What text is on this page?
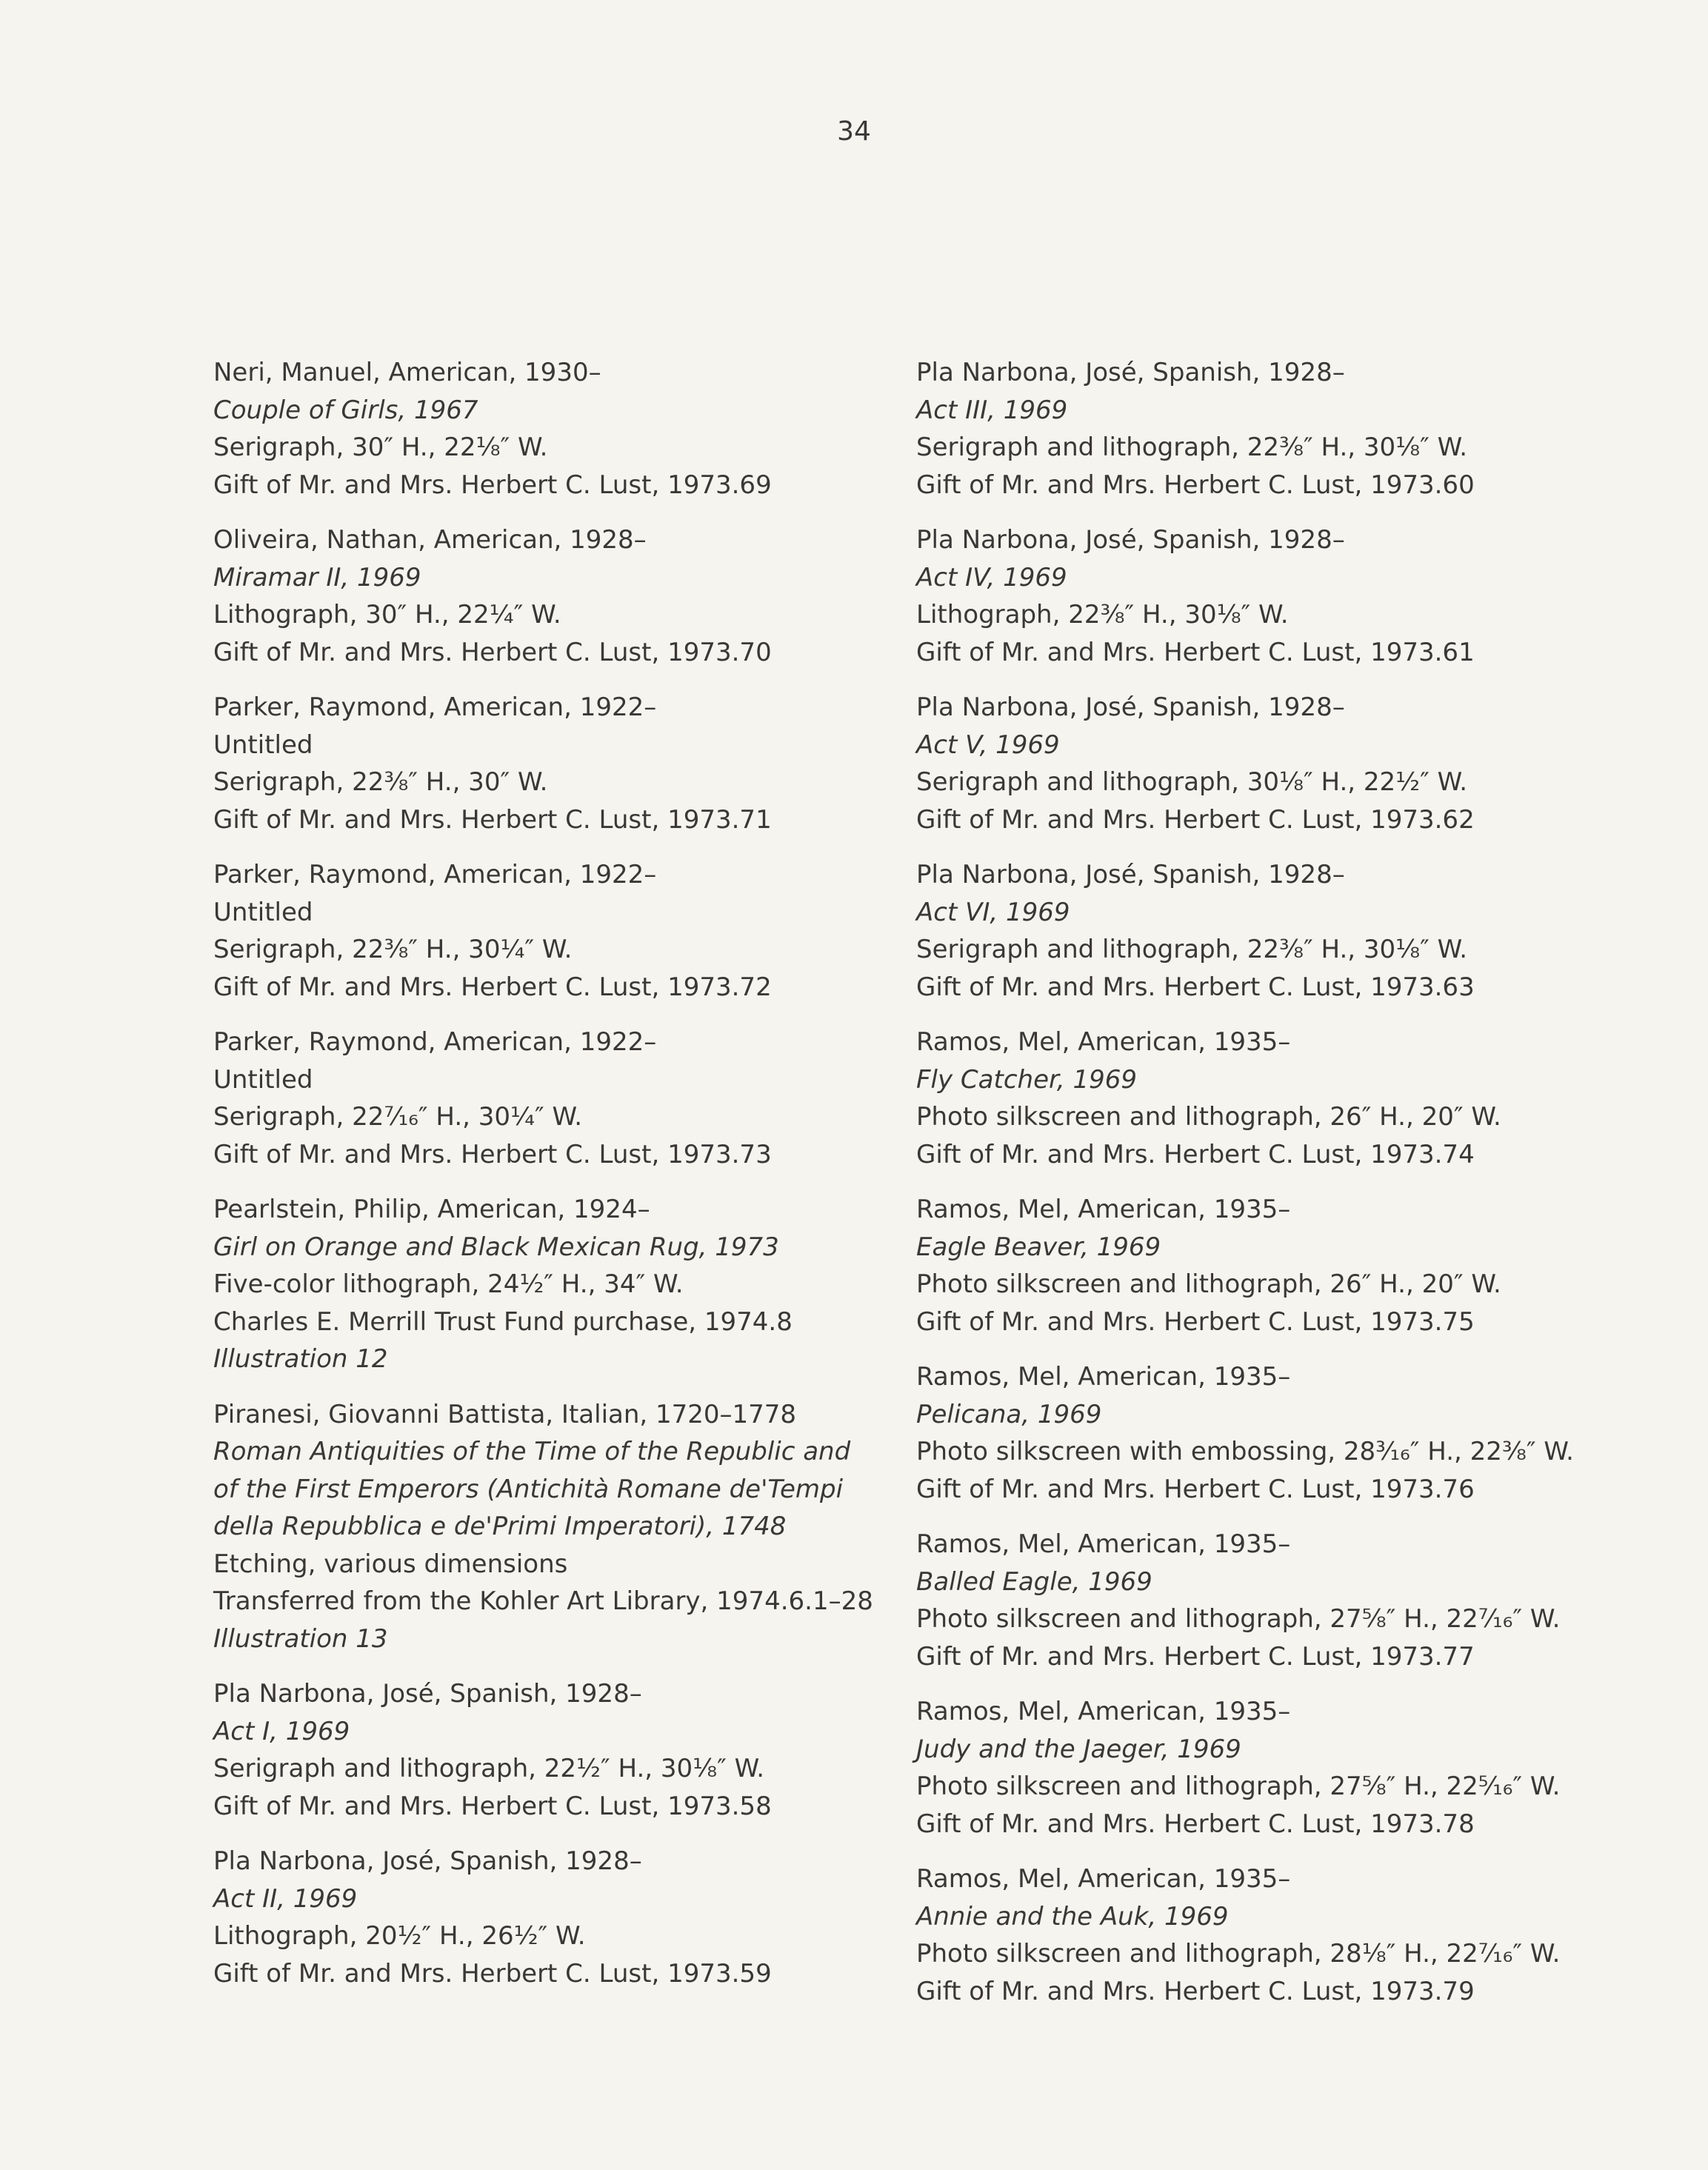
34
Neri, Manuel, American, 1930–
Couple of Girls, 1967
Serigraph, 30″ H., 22⅛″ W.
Gift of Mr. and Mrs. Herbert C. Lust, 1973.69
Oliveira, Nathan, American, 1928–
Miramar II, 1969
Lithograph, 30″ H., 22¼″ W.
Gift of Mr. and Mrs. Herbert C. Lust, 1973.70
Parker, Raymond, American, 1922–
Untitled
Serigraph, 22⅜″ H., 30″ W.
Gift of Mr. and Mrs. Herbert C. Lust, 1973.71
Parker, Raymond, American, 1922–
Untitled
Serigraph, 22⅜″ H., 30¼″ W.
Gift of Mr. and Mrs. Herbert C. Lust, 1973.72
Parker, Raymond, American, 1922–
Untitled
Serigraph, 22⁷⁄₁₆″ H., 30¼″ W.
Gift of Mr. and Mrs. Herbert C. Lust, 1973.73
Pearlstein, Philip, American, 1924–
Girl on Orange and Black Mexican Rug, 1973
Five-color lithograph, 24½″ H., 34″ W.
Charles E. Merrill Trust Fund purchase, 1974.8
Illustration 12
Piranesi, Giovanni Battista, Italian, 1720–1778
Roman Antiquities of the Time of the Republic and
of the First Emperors (Antichità Romane de'Tempi
della Repubblica e de'Primi Imperatori), 1748
Etching, various dimensions
Transferred from the Kohler Art Library, 1974.6.1–28
Illustration 13
Pla Narbona, José, Spanish, 1928–
Act I, 1969
Serigraph and lithograph, 22½″ H., 30⅛″ W.
Gift of Mr. and Mrs. Herbert C. Lust, 1973.58
Pla Narbona, José, Spanish, 1928–
Act II, 1969
Lithograph, 20½″ H., 26½″ W.
Gift of Mr. and Mrs. Herbert C. Lust, 1973.59
Pla Narbona, José, Spanish, 1928–
Act III, 1969
Serigraph and lithograph, 22⅜″ H., 30⅛″ W.
Gift of Mr. and Mrs. Herbert C. Lust, 1973.60
Pla Narbona, José, Spanish, 1928–
Act IV, 1969
Lithograph, 22⅜″ H., 30⅛″ W.
Gift of Mr. and Mrs. Herbert C. Lust, 1973.61
Pla Narbona, José, Spanish, 1928–
Act V, 1969
Serigraph and lithograph, 30⅛″ H., 22½″ W.
Gift of Mr. and Mrs. Herbert C. Lust, 1973.62
Pla Narbona, José, Spanish, 1928–
Act VI, 1969
Serigraph and lithograph, 22⅜″ H., 30⅛″ W.
Gift of Mr. and Mrs. Herbert C. Lust, 1973.63
Ramos, Mel, American, 1935–
Fly Catcher, 1969
Photo silkscreen and lithograph, 26″ H., 20″ W.
Gift of Mr. and Mrs. Herbert C. Lust, 1973.74
Ramos, Mel, American, 1935–
Eagle Beaver, 1969
Photo silkscreen and lithograph, 26″ H., 20″ W.
Gift of Mr. and Mrs. Herbert C. Lust, 1973.75
Ramos, Mel, American, 1935–
Pelicana, 1969
Photo silkscreen with embossing, 28³⁄₁₆″ H., 22⅜″ W.
Gift of Mr. and Mrs. Herbert C. Lust, 1973.76
Ramos, Mel, American, 1935–
Balled Eagle, 1969
Photo silkscreen and lithograph, 27⅝″ H., 22⁷⁄₁₆″ W.
Gift of Mr. and Mrs. Herbert C. Lust, 1973.77
Ramos, Mel, American, 1935–
Judy and the Jaeger, 1969
Photo silkscreen and lithograph, 27⅝″ H., 22⁵⁄₁₆″ W.
Gift of Mr. and Mrs. Herbert C. Lust, 1973.78
Ramos, Mel, American, 1935–
Annie and the Auk, 1969
Photo silkscreen and lithograph, 28⅛″ H., 22⁷⁄₁₆″ W.
Gift of Mr. and Mrs. Herbert C. Lust, 1973.79
